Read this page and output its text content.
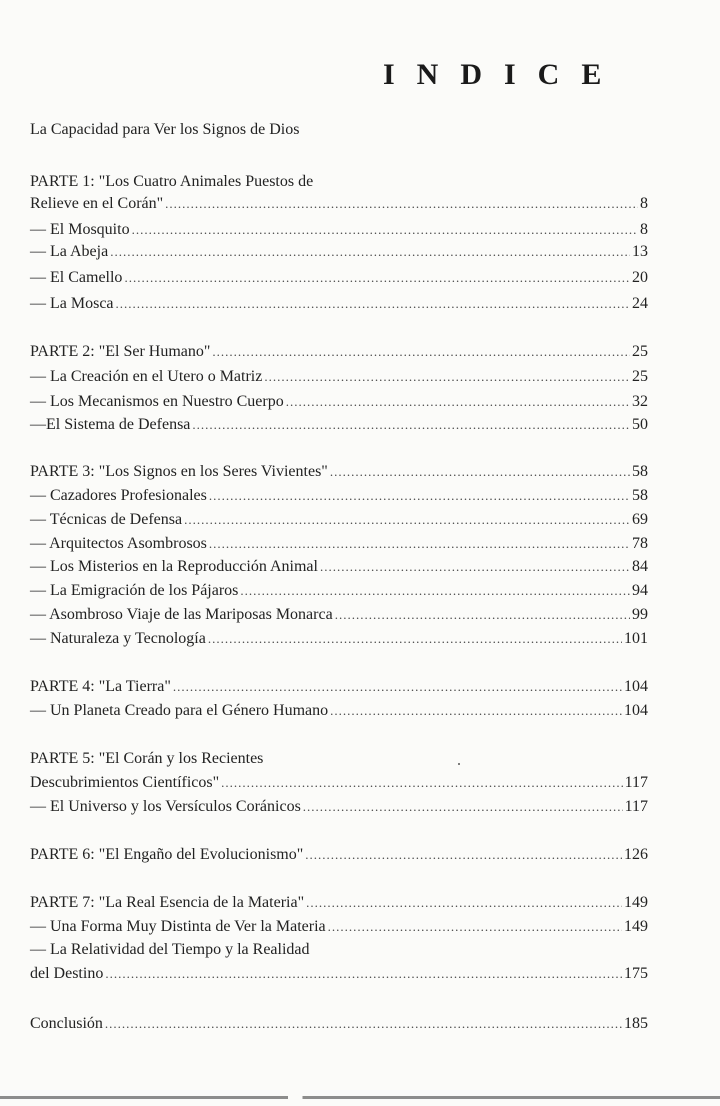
INDICE
La Capacidad para Ver los Signos de Dios
PARTE 1: "Los Cuatro Animales Puestos de
Relieve en el Corán" .....	8
— El Mosquito .....	8
— La Abeja .....	13
— El Camello .....	20
— La Mosca .....	24
PARTE 2: "El Ser Humano" .....	25
— La Creación en el Utero o Matriz .....	25
— Los Mecanismos en Nuestro Cuerpo .....	32
—El Sistema de Defensa .....	50
PARTE 3: "Los Signos en los Seres Vivientes" .....	58
— Cazadores Profesionales .....	58
— Técnicas de Defensa .....	69
— Arquitectos Asombrosos .....	78
— Los Misterios en la Reproducción Animal .....	84
— La Emigración de los Pájaros .....	94
— Asombroso Viaje de las Mariposas Monarca .....	99
— Naturaleza y Tecnología .....	101
PARTE 4: "La Tierra" .....	104
— Un Planeta Creado para el Género Humano .....	104
PARTE 5: "El Corán y los Recientes
Descubrimientos Científicos" .....	117
— El Universo y los Versículos Coránicos .....	117
PARTE 6: "El Engaño del Evolucionismo" .....	126
PARTE 7: "La Real Esencia de la Materia" .....	149
— Una Forma Muy Distinta de Ver la Materia .....	149
— La Relatividad del Tiempo y la Realidad
del Destino .....	175
Conclusión .....	185
